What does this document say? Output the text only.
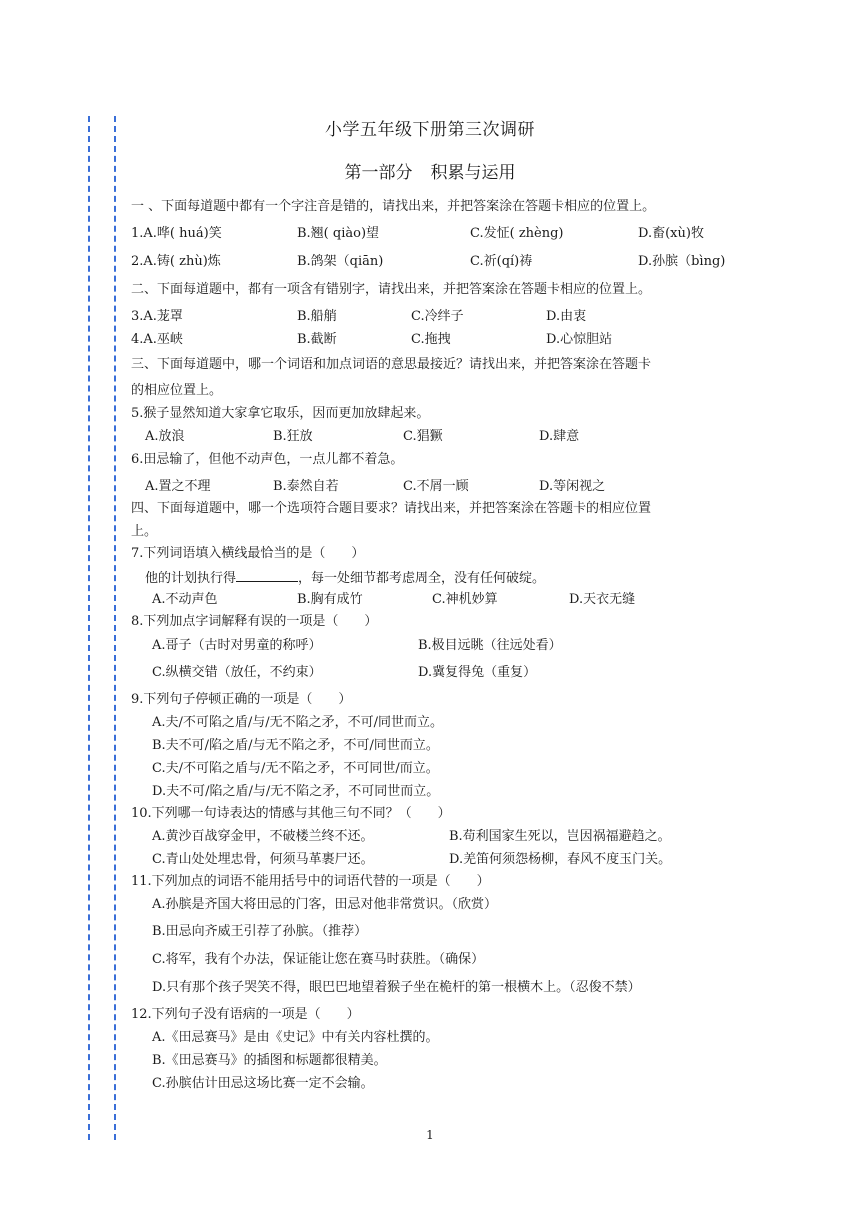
小学五年级下册第三次调研
第一部分 积累与运用
一 、下面每道题中都有一个字注音是错的，请找出来，并把答案涂在答题卡相应的位置上。
1.A.哗( huá)笑	B.翘( qiào)望	C.发怔( zhèng)	D.畜(xù)牧
2.A.铸( zhù)炼	B.鸽架（qiān)	C.祈(qí)祷	D.孙膑（bìng)
二、下面每道题中，都有一项含有错别字，请找出来，并把答案涂在答题卡相应的位置上。
3.A.茏罩	B.船艄	C.冷绊子	D.由衷
4.A.巫峡	B.截断	C.拖拽	D.心惊胆站
三、下面每道题中，哪一个词语和加点词语的意思最接近？请找出来，并把答案涂在答题卡
的相应位置上。
5.猴子显然知道大家拿它取乐，因而更加放肆起来。
A.放浪	B.狂放	C.猖獗	D.肆意
6.田忌输了，但他不动声色，一点儿都不着急。
A.置之不理	B.泰然自若	C.不屑一顾	D.等闲视之
四、下面每道题中，哪一个选项符合题目要求？请找出来，并把答案涂在答题卡的相应位置
上。
7.下列词语填入横线最恰当的是（　　）
他的计划执行得	，每一处细节都考虑周全，没有任何破绽。
A.不动声色	B.胸有成竹	C.神机妙算	D.天衣无缝
8.下列加点字词解释有误的一项是（　　）
A.哥子（古时对男童的称呼）	B.极目远眺（往远处看）
C.纵横交错（放任，不约束）	D.冀复得兔（重复）
9.下列句子停顿正确的一项是（　　）
A.夫/不可陷之盾/与/无不陷之矛，不可/同世而立。
B.夫不可/陷之盾/与无不陷之矛，不可/同世而立。
C.夫/不可陷之盾与/无不陷之矛，不可同世/而立。
D.夫不可/陷之盾/与/无不陷之矛，不可同世而立。
10.下列哪一句诗表达的情感与其他三句不同？（　　）
A.黄沙百战穿金甲，不破楼兰终不还。	B.苟利国家生死以，岂因祸福避趋之。
C.青山处处埋忠骨，何须马革裹尸还。	D.羌笛何须怨杨柳，春风不度玉门关。
11.下列加点的词语不能用括号中的词语代替的一项是（　　）
A.孙膑是齐国大将田忌的门客，田忌对他非常赏识。（欣赏）
B.田忌向齐威王引荐了孙膑。（推荐）
C.将军，我有个办法，保证能让您在赛马时获胜。（确保）
D.只有那个孩子哭笑不得，眼巴巴地望着猴子坐在桅杆的第一根横木上。（忍俊不禁）
12.下列句子没有语病的一项是（　　）
A.《田忌赛马》是由《史记》中有关内容杜撰的。
B.《田忌赛马》的插图和标题都很精美。
C.孙膑估计田忌这场比赛一定不会输。
1
